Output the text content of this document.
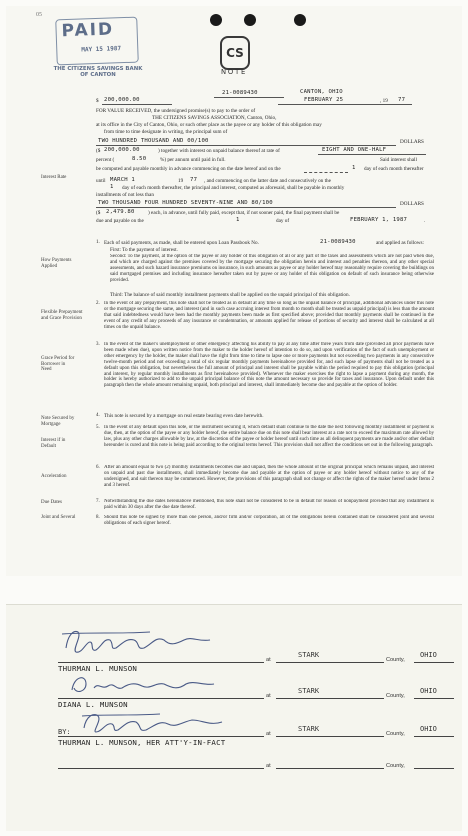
05
PAID
MAY 15 1987
THE CITIZENS SAVINGS BANK
OF CANTON
CS
NOTE
21-0089430	CANTON, OHIO
FEBRUARY 25	, 19 77
$ 200,000.00
FOR VALUE RECEIVED, the undersigned promise(s) to pay to the order of
THE CITIZENS SAVINGS ASSOCIATION, Canton, Ohio,
at its office in the City of Canton, Ohio, or such other place as the payee or any holder of this obligation may
from time to time designate in writing, the principal sum of
TWO HUNDRED THOUSAND AND 00/100	DOLLARS
($ 200,000.00	) together with interest on unpaid balance thereof at rate of	EIGHT AND ONE-HALF
Interest Rate
percent (	8.50	%) per annum until paid in full.	Said interest shall
be computed and payable monthly in advance commencing on the date hereof and on the	1 day of each month thereafter
until MARCH 1	19 77 , and commencing on the latter date and consecutively on the
1 day of each month thereafter, the principal and interest, computed as aforesaid, shall be payable in monthly
installments of not less than
TWO THOUSAND FOUR HUNDRED SEVENTY-NINE AND 80/100	DOLLARS
($ 2,479.80	) each, in advance, until fully paid, except that, if not sooner paid, the final payment shall be
due and payable on the	1	day of	FEBRUARY 1, 1987	.
How Payments Applied
1. Each of said payments, as made, shall be entered upon Loan Passbook No.	21-0089430	and applied as follows:
First: To the payment of interest.
Second: To the payment, at the option of the payee or any holder of this obligation of all or any part of the taxes and assessments which are not paid when due, and which are charged against the premises covered by the mortgage securing the obligation herein and interest and penalties thereon, and any other special assessments, and such hazard insurance premiums on insurance, in such amounts as payee or any holder hereof may reasonably require covering the buildings on said mortgaged premises and including insurance hereafter taken out by payee or any holder of this obligation on default of such insurance being otherwise provided.
Third: The balance of said monthly installment payments shall be applied on the unpaid principal of this obligation.
Flexible Prepayment and Grace Provision
2. In the event of any prepayment, this note shall not be treated as in default at any time so long as the unpaid balance of principal, additional advances under this note or the mortgage securing the same, and interest (and in such case accruing interest from month to month shall be treated as unpaid principal) is less than the amount that said indebtedness would have been had the monthly payments been made as first specified above; provided that monthly payments shall be continued in the event of any credit of any proceeds of any insurance or condemnation, or amounts applied for release of portions of security and interest shall be calculated at all times on the unpaid balance.
Grace Period for Borrower in Need
3. In the event of the maker's unemployment or other emergency affecting his ability to pay at any time after three years from date (provided all prior payments have been made when due), upon written notice from the maker to the holder hereof of intention to do so, and upon verification of the fact of such unemployment or other emergency by the holder, the maker shall have the right from time to time to lapse one or more payments but not exceeding two payments in any consecutive twelve-month period and not exceeding a total of six regular monthly payments hereinabove provided for, and such lapse of payments shall not be treated as a default upon this obligation, but nevertheless the full amount of principal and interest shall be payable within the period required to pay this obligation (principal and interest, by regular monthly installments as first hereinabove provided). Whenever the maker exercises the right to lapse a payment during any month, the holder is hereby authorized to add to the unpaid principal balance of this note the amount necessary so provide for taxes and insurance. Upon default under this paragraph then the whole amount remaining unpaid, both principal and interest, shall immediately become due and payable at the option of holder.
Note Secured by Mortgage
4. This note is secured by a mortgage on real estate bearing even date herewith.
Interest if in Default
5. In the event of any default upon this note, or the instrument securing it, which default shall continue to the date the next following monthly installment or payment is due, then, at the option of the payee or any holder hereof, the entire balance due on this note shall bear interest at a rate not to exceed the maximum rate allowed by law, plus any other charges allowable by law, at the discretion of the payee or holder hereof until such time as all delinquent payments are made and/or other default hereunder is cured and this note is being paid according to the original terms hereof. This provision shall not affect the conditions set out in the following paragraph.
Acceleration
6. After an amount equal to two (2) monthly installments becomes due and unpaid, then the whole amount of the original principal which remains unpaid, and interest on unpaid and past due installments, shall immediately become due and payable at the option of payee or any holder hereof without notice to any of the undersigned, and suit thereon may be commenced. However, the provisions of this paragraph shall not change or affect the rights of the maker hereof under Items 2 and 3 hereof.
Due Dates	7. Notwithstanding the due dates hereinabove mentioned, this note shall not be considered to be in default for reason of nonpayment provided that any installment is paid within 30 days after the due date thereof.
Joint and Several	8. Should this note be signed by more than one person, and/or firm and/or corporation, all of the obligations herein contained shall be considered joint and several obligations of each signer hereof.
THURMAN L. MUNSON
at
STARK
County,
OHIO
DIANA L. MUNSON
at
STARK
County,
OHIO
BY:
THURMAN L. MUNSON, HER ATT'Y-IN-FACT
at
STARK
County,
OHIO
at	County,
